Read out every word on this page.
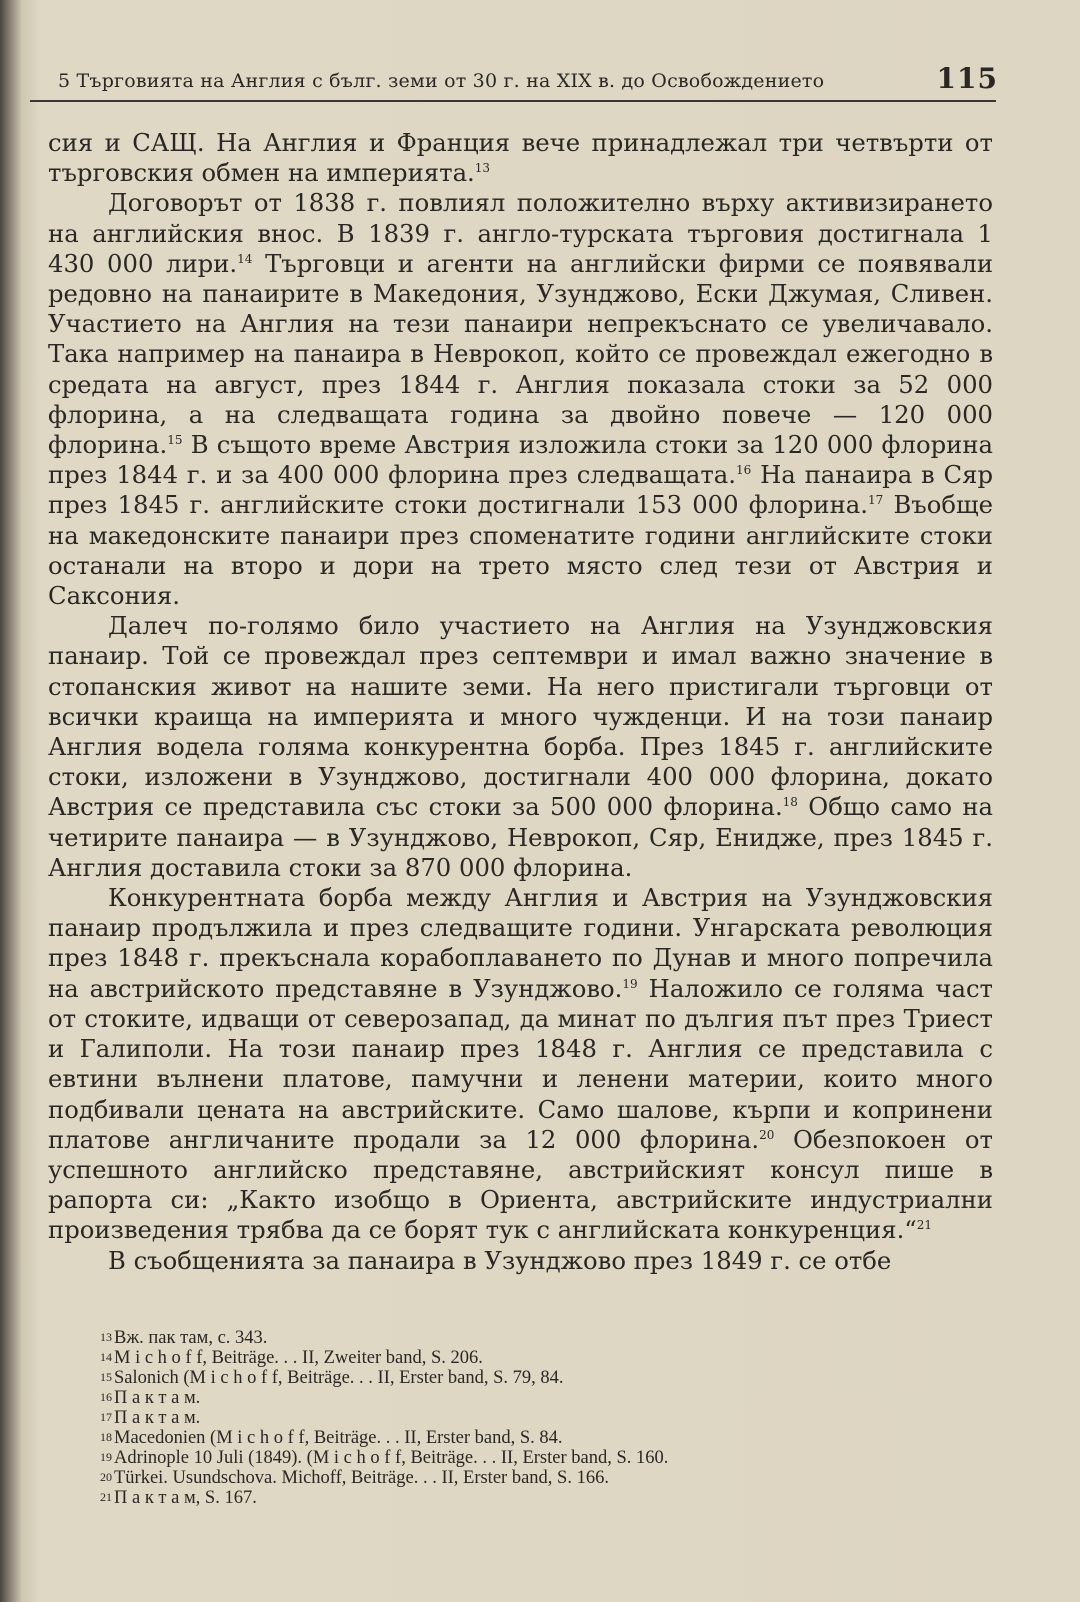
5 Търговията на Англия с бълг. земи от 30 г. на XIX в. до Освобождението	115

сия и САЩ. На Англия и Франция вече принадлежал три четвърти от търговския обмен на империята.$^{13}$

Договорът от 1838 г. повлиял положително върху активизирането на английския внос. В 1839 г. англо-турската търговия достигнала 1 430 000 лири.$^{14}$ Търговци и агенти на английски фирми се появявали редовно на панаирите в Македония, Узунджово, Ески Джумая, Сливен. Участието на Англия на тези панаири непрекъснато се увеличавало. Така например на панаира в Неврокоп, който се провеждал ежегодно в средата на август, през 1844 г. Англия показала стоки за 52 000 флорина, а на следващата година за двойно повече — 120 000 флорина.$^{15}$ В същото време Австрия изложила стоки за 120 000 флорина през 1844 г. и за 400 000 флорина през следващата.$^{16}$ На панаира в Сяр през 1845 г. английските стоки достигнали 153 000 флорина.$^{17}$ Въобще на македонските панаири през споменатите години английските стоки останали на второ и дори на трето място след тези от Австрия и Саксония.

Далеч по-голямо било участието на Англия на Узунджовския панаир. Той се провеждал през септември и имал важно значение в стопанския живот на нашите земи. На него пристигали търговци от всички краища на империята и много чужденци. И на този панаир Англия водела голяма конкурентна борба. През 1845 г. английските стоки, изложени в Узунджово, достигнали 400 000 флорина, докато Австрия се представила със стоки за 500 000 флорина.$^{18}$ Общо само на четирите панаира — в Узунджово, Неврокоп, Сяр, Енидже, през 1845 г. Англия доставила стоки за 870 000 флорина.

Конкурентната борба между Англия и Австрия на Узунджовския панаир продължила и през следващите години. Унгарската революция през 1848 г. прекъснала корабоплаването по Дунав и много попречила на австрийското представяне в Узунджово.$^{19}$ Наложило се голяма част от стоките, идващи от северозапад, да минат по дългия път през Триест и Галиполи. На този панаир през 1848 г. Англия се представила с евтини вълнени платове, памучни и ленени материи, които много подбивали цената на австрийските. Само шалове, кърпи и копринени платове англичаните продали за 12 000 флорина.$^{20}$ Обезпокоен от успешното английско представяне, австрийският консул пише в рапорта си: „Както изобщо в Ориента, австрийските индустриални произведения трябва да се борят тук с английската конкуренция.“$^{21}$

В съобщенията за панаира в Узунджово през 1849 г. се отбе

13 Вж. пак там, с. 343.
14 M i c h o f f, Beiträge. . . II, Zweiter band, S. 206.
15 Salonich (M i c h o f f, Beiträge. . . II, Erster band, S. 79, 84.
16 П а к т а м.
17 П а к т а м.
18 Macedonien (M i c h o f f, Beiträge. . . II, Erster band, S. 84.
19 Adrinople 10 Juli (1849). (M i c h o f f, Beiträge. . . II, Erster band, S. 160.
20 Türkei. Usundschova. Michoff, Beiträge. . . II, Erster band, S. 166.
21 П а к т а м, S. 167.
